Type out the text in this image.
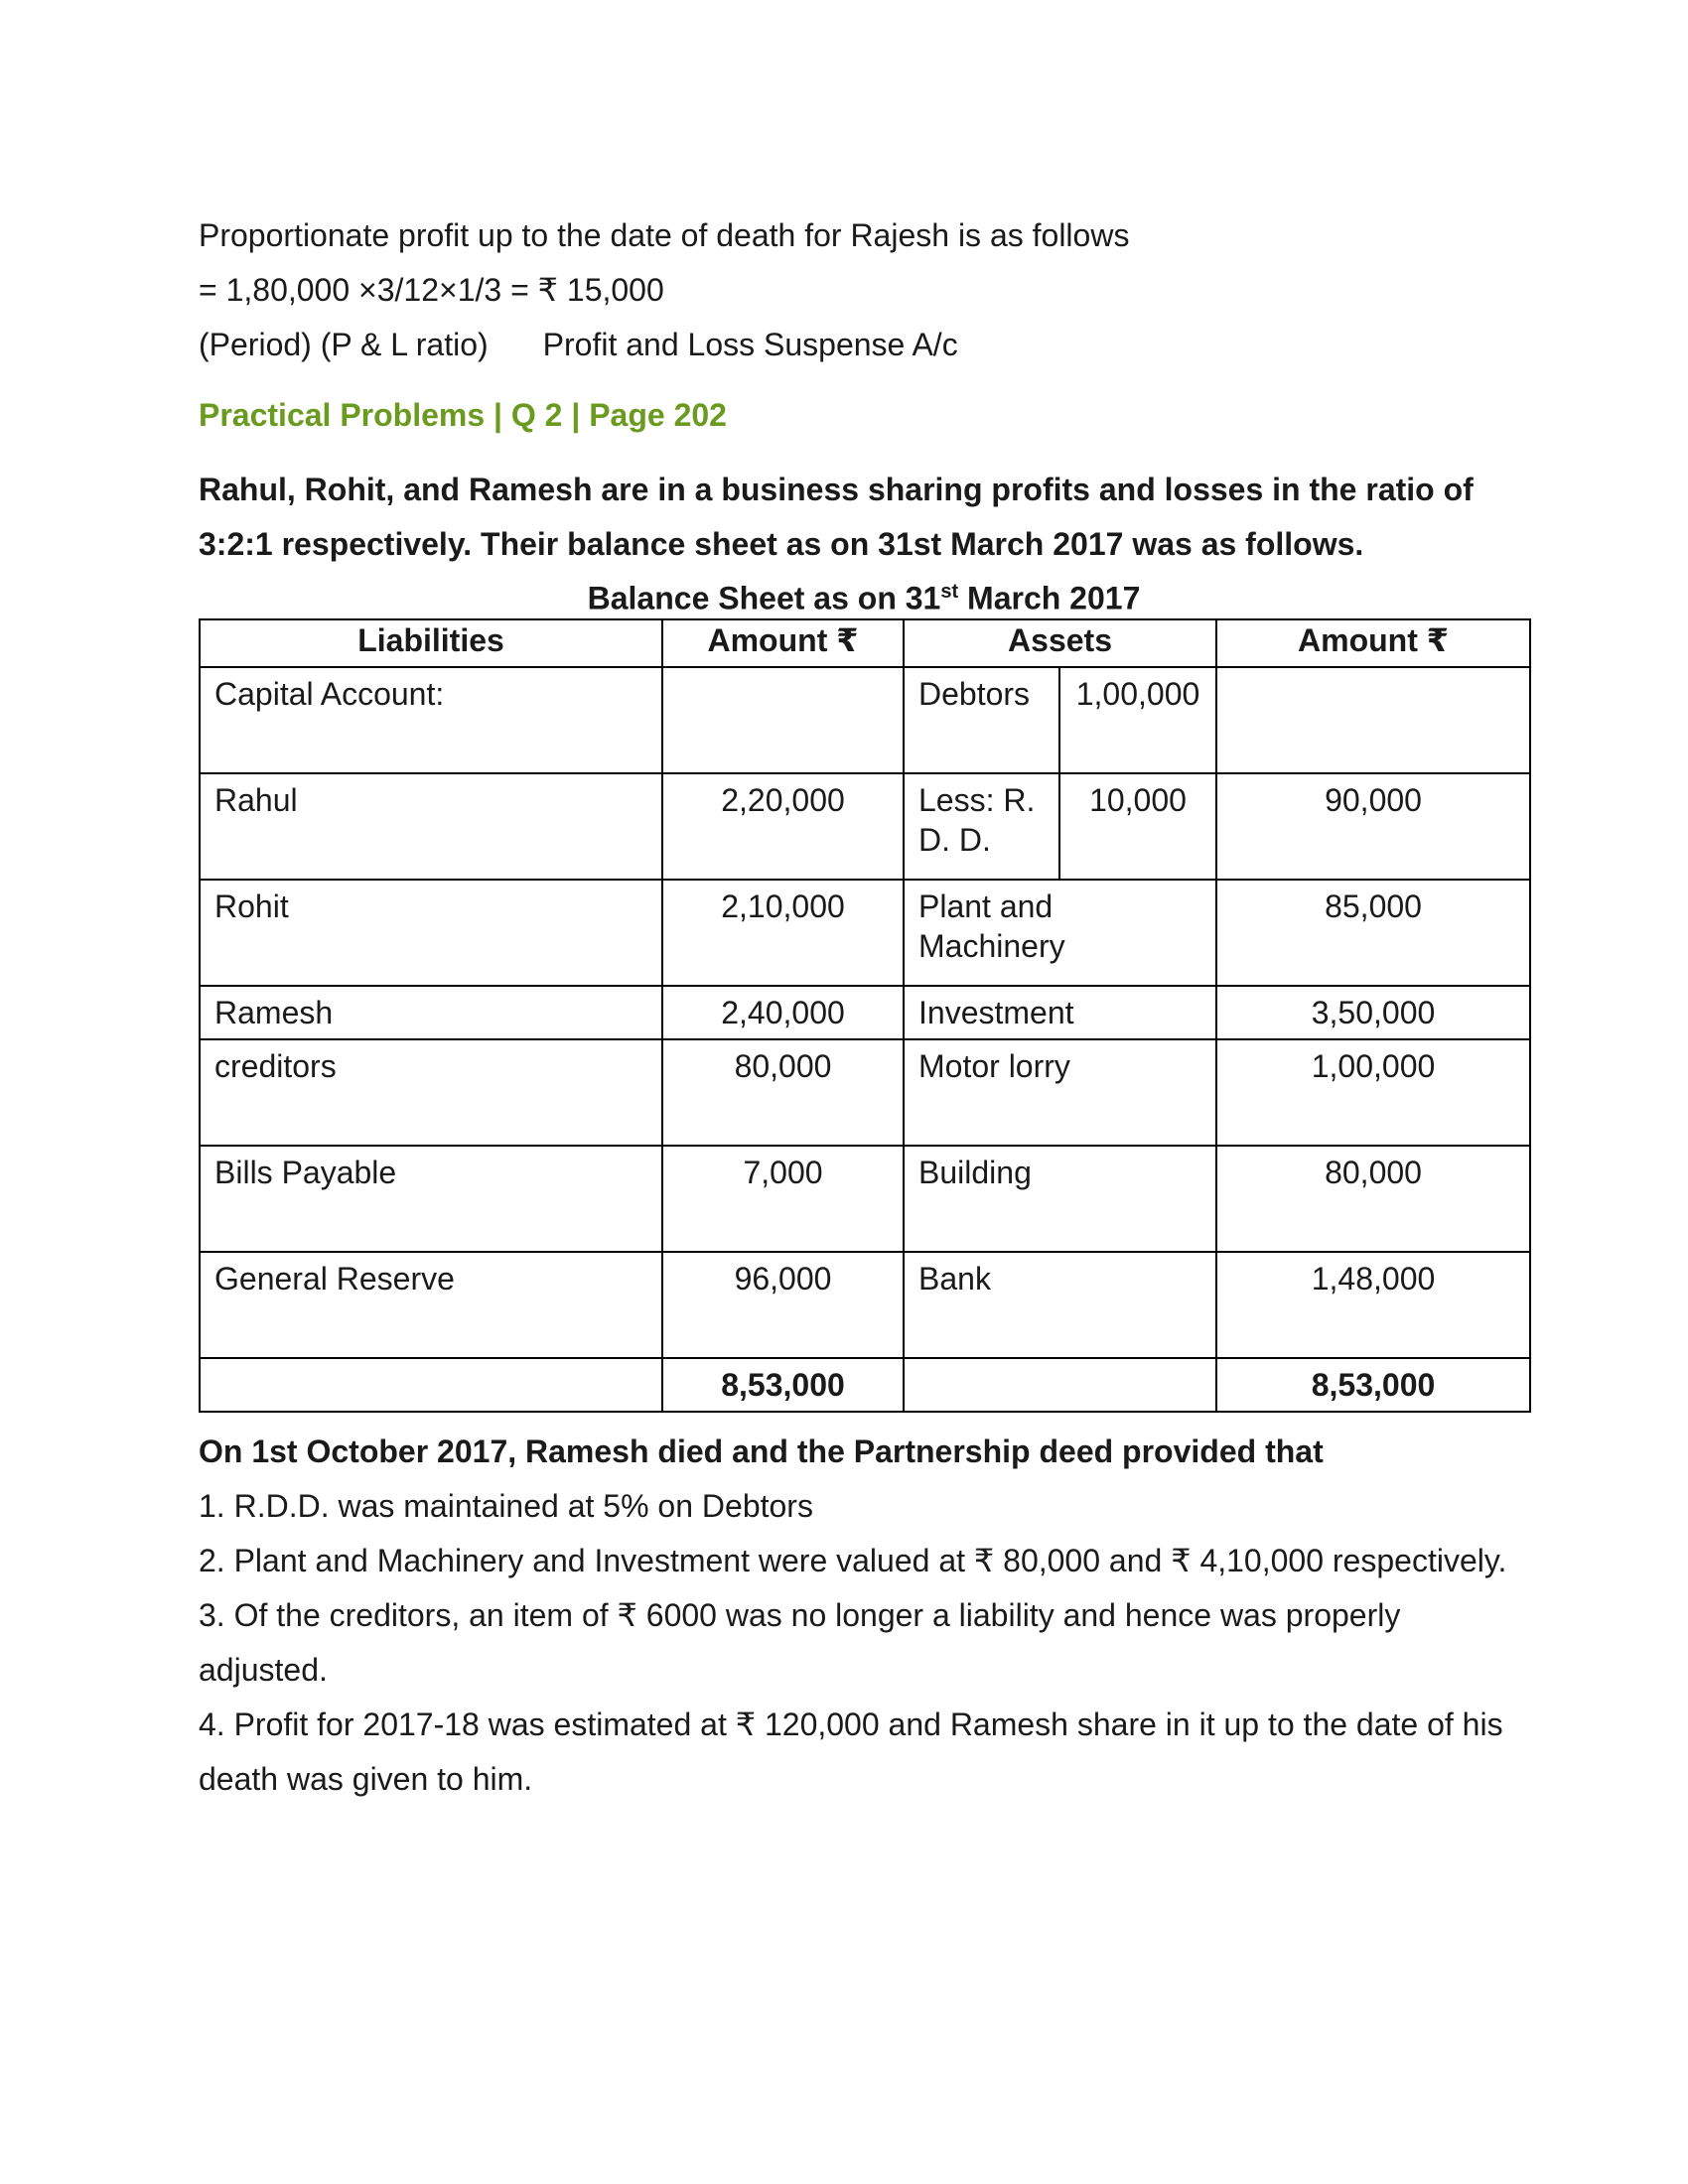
Proportionate profit up to the date of death for Rajesh is as follows

= 1,80,000 ×3/12×1/3 = ₹ 15,000

(Period) (P & L ratio) Profit and Loss Suspense A/c

Practical Problems | Q 2 | Page 202

Rahul, Rohit, and Ramesh are in a business sharing profits and losses in the ratio of 3:2:1 respectively. Their balance sheet as on 31st March 2017 was as follows.

Balance Sheet as on 31st March 2017

Liabilities	Amount ₹	Assets		Amount ₹
Capital Account:		Debtors	1,00,000	
Rahul	2,20,000	Less: R. D. D.	10,000	90,000
Rohit	2,10,000	Plant and Machinery		85,000
Ramesh	2,40,000	Investment		3,50,000
creditors	80,000	Motor lorry		1,00,000
Bills Payable	7,000	Building		80,000
General Reserve	96,000	Bank		1,48,000
	8,53,000			8,53,000

On 1st October 2017, Ramesh died and the Partnership deed provided that

1. R.D.D. was maintained at 5% on Debtors

2. Plant and Machinery and Investment were valued at ₹ 80,000 and ₹ 4,10,000 respectively.

3. Of the creditors, an item of ₹ 6000 was no longer a liability and hence was properly adjusted.

4. Profit for 2017-18 was estimated at ₹ 120,000 and Ramesh share in it up to the date of his death was given to him.
